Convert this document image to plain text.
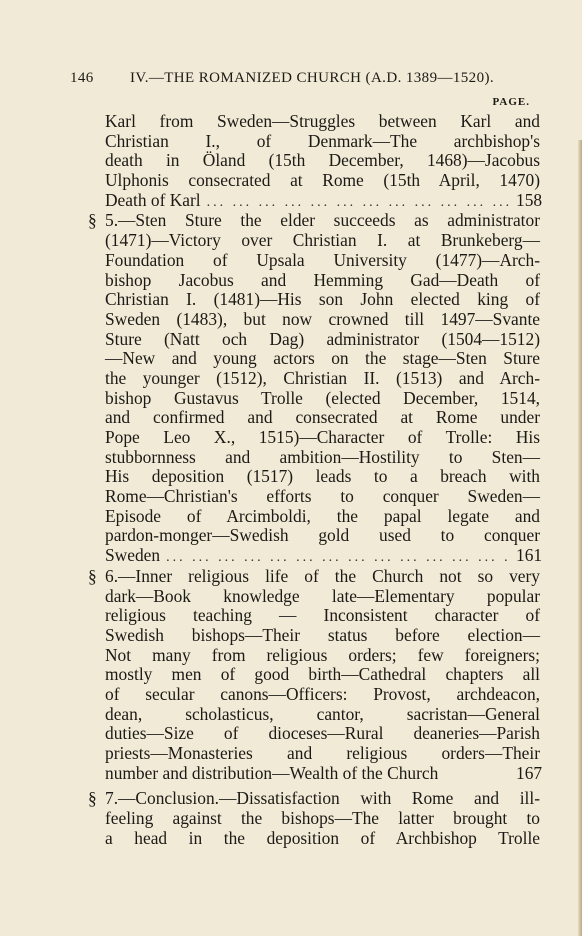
146	IV.—THE ROMANIZED CHURCH (A.D. 1389—1520).
PAGE.
Karl from Sweden—Struggles between Karl and
Christian I., of Denmark—The archbishop's
death in Öland (15th December, 1468)—Jacobus
Ulphonis consecrated at Rome (15th April, 1470)
Death of Karl ... .	158
§ 5.—Sten Sture the elder succeeds as administrator
(1471)—Victory over Christian I. at Brunkeberg—
Foundation of Upsala University (1477)—Arch-
bishop Jacobus and Hemming Gad—Death of
Christian I. (1481)—His son John elected king of
Sweden (1483), but now crowned till 1497—Svante
Sture (Natt och Dag) administrator (1504—1512)
—New and young actors on the stage—Sten Sture
the younger (1512), Christian II. (1513) and Arch-
bishop Gustavus Trolle (elected December, 1514,
and confirmed and consecrated at Rome under
Pope Leo X., 1515)—Character of Trolle: His
stubbornness and ambition—Hostility to Sten—
His deposition (1517) leads to a breach with
Rome—Christian's efforts to conquer Sweden—
Episode of Arcimboldi, the papal legate and
pardon-monger—Swedish gold used to conquer
Sweden ... .	161
§ 6.—Inner religious life of the Church not so very
dark—Book knowledge late—Elementary popular
religious teaching — Inconsistent character of
Swedish bishops—Their status before election—
Not many from religious orders; few foreigners;
mostly men of good birth—Cathedral chapters all
of secular canons—Officers: Provost, archdeacon,
dean, scholasticus, cantor, sacristan—General
duties—Size of dioceses—Rural deaneries—Parish
priests—Monasteries and religious orders—Their
number and distribution—Wealth of the Church	167
§ 7.—Conclusion.—Dissatisfaction with Rome and ill-
feeling against the bishops—The latter brought to
a head in the deposition of Archbishop Trolle
